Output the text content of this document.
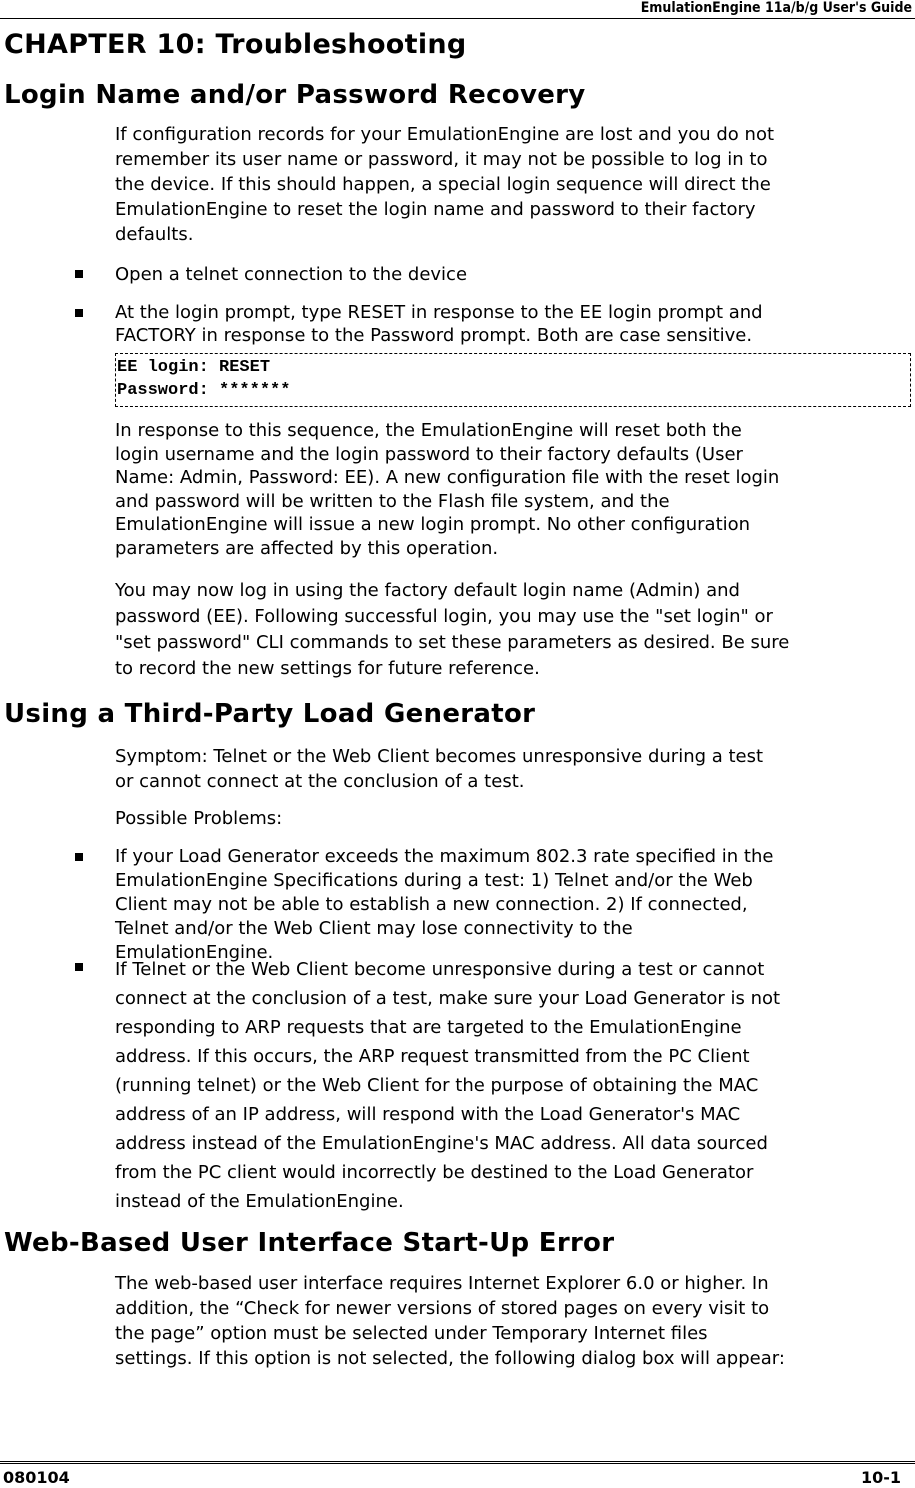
EmulationEngine 11a/b/g User's Guide
CHAPTER 10: Troubleshooting
Login Name and/or Password Recovery
If configuration records for your EmulationEngine are lost and you do not
remember its user name or password, it may not be possible to log in to
the device. If this should happen, a special login sequence will direct the
EmulationEngine to reset the login name and password to their factory
defaults.
Open a telnet connection to the device
At the login prompt, type RESET in response to the EE login prompt and
FACTORY in response to the Password prompt. Both are case sensitive.
EE login: RESET
Password: *******
In response to this sequence, the EmulationEngine will reset both the
login username and the login password to their factory defaults (User
Name: Admin, Password: EE). A new configuration file with the reset login
and password will be written to the Flash file system, and the
EmulationEngine will issue a new login prompt. No other configuration
parameters are affected by this operation.
You may now log in using the factory default login name (Admin) and
password (EE). Following successful login, you may use the "set login" or
"set password" CLI commands to set these parameters as desired. Be sure
to record the new settings for future reference.
Using a Third-Party Load Generator
Symptom: Telnet or the Web Client becomes unresponsive during a test
or cannot connect at the conclusion of a test.
Possible Problems:
If your Load Generator exceeds the maximum 802.3 rate specified in the
EmulationEngine Specifications during a test: 1) Telnet and/or the Web
Client may not be able to establish a new connection. 2) If connected,
Telnet and/or the Web Client may lose connectivity to the
EmulationEngine.
If Telnet or the Web Client become unresponsive during a test or cannot
connect at the conclusion of a test, make sure your Load Generator is not
responding to ARP requests that are targeted to the EmulationEngine
address. If this occurs, the ARP request transmitted from the PC Client
(running telnet) or the Web Client for the purpose of obtaining the MAC
address of an IP address, will respond with the Load Generator's MAC
address instead of the EmulationEngine's MAC address. All data sourced
from the PC client would incorrectly be destined to the Load Generator
instead of the EmulationEngine.
Web-Based User Interface Start-Up Error
The web-based user interface requires Internet Explorer 6.0 or higher. In
addition, the “Check for newer versions of stored pages on every visit to
the page” option must be selected under Temporary Internet files
settings. If this option is not selected, the following dialog box will appear:
080104	10-1
